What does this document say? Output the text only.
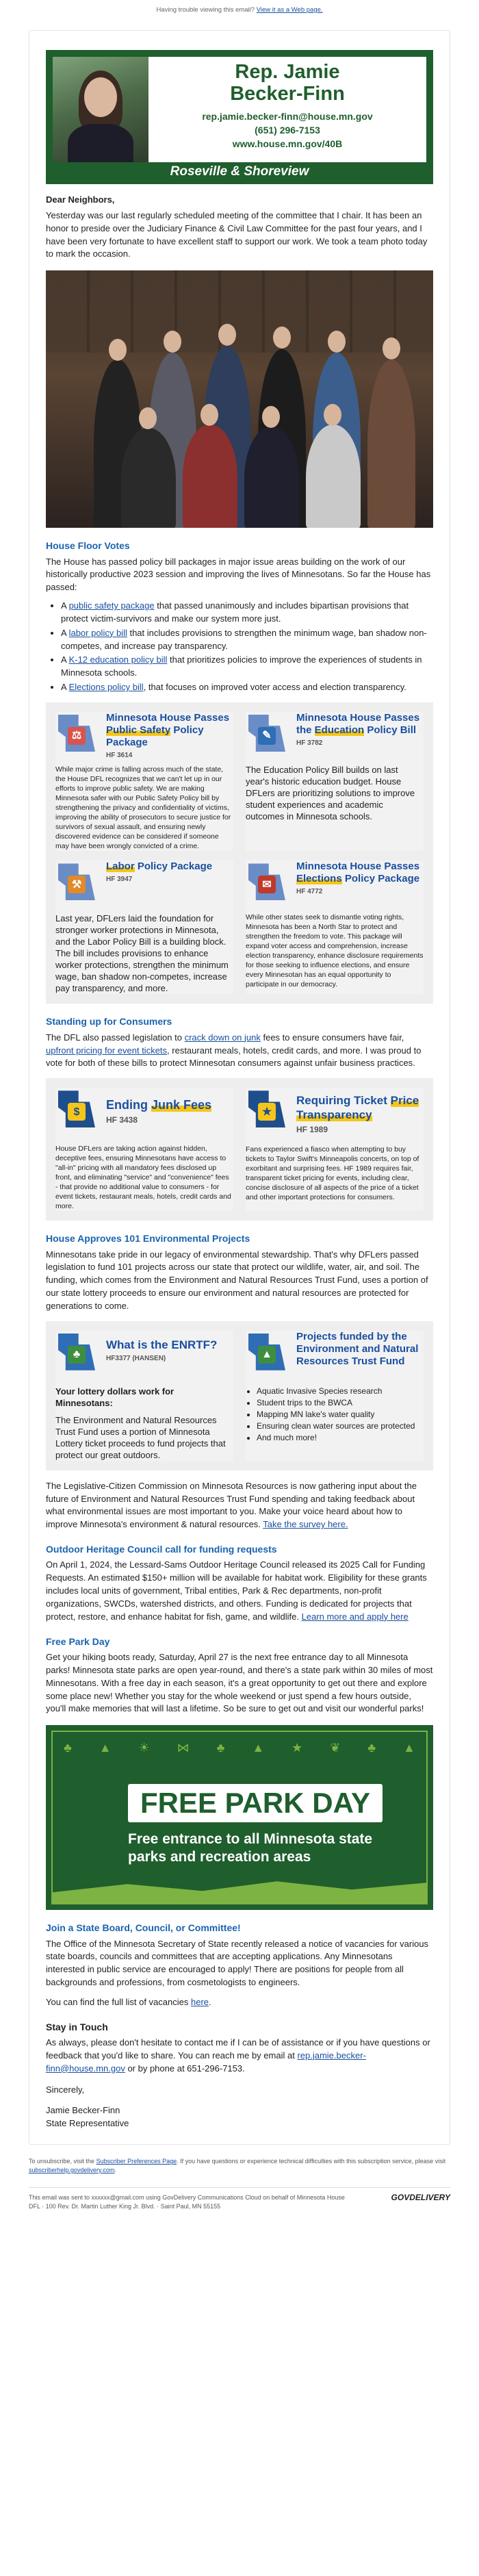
Having trouble viewing this email? View it as a Web page.
Rep. Jamie
Becker-Finn
rep.jamie.becker-finn@house.mn.gov
(651) 296-7153
www.house.mn.gov/40B
Roseville & Shoreview
Dear Neighbors,

Yesterday was our last regularly scheduled meeting of the committee that I chair. It has been an honor to preside over the Judiciary Finance & Civil Law Committee for the past four years, and I have been very fortunate to have excellent staff to support our work. We took a team photo today to mark the occasion.

House Floor Votes

The House has passed policy bill packages in major issue areas building on the work of our historically productive 2023 session and improving the lives of Minnesotans. So far the House has passed:

• A public safety package that passed unanimously and includes bipartisan provisions that protect victim-survivors and make our system more just.
• A labor policy bill that includes provisions to strengthen the minimum wage, ban shadow non-competes, and increase pay transparency.
• A K-12 education policy bill that prioritizes policies to improve the experiences of students in Minnesota schools.
• A Elections policy bill, that focuses on improved voter access and election transparency.
⚖
Minnesota House Passes Public Safety Policy Package
HF 3614
While major crime is falling across much of the state, the House DFL recognizes that we can't let up in our efforts to improve public safety. We are making Minnesota safer with our Public Safety Policy bill by strengthening the privacy and confidentiality of victims, improving the ability of prosecutors to secure justice for survivors of sexual assault, and ensuring newly discovered evidence can be considered if someone may have been wrongly convicted of a crime.
✎
Minnesota House Passes the Education Policy Bill
HF 3782
The Education Policy Bill builds on last year's historic education budget. House DFLers are prioritizing solutions to improve student experiences and academic outcomes in Minnesota schools.
⚒
Labor Policy Package
HF 3947
Last year, DFLers laid the foundation for stronger worker protections in Minnesota, and the Labor Policy Bill is a building block. The bill includes provisions to enhance worker protections, strengthen the minimum wage, ban shadow non-competes, increase pay transparency, and more.
✉
Minnesota House Passes Elections Policy Package
HF 4772
While other states seek to dismantle voting rights, Minnesota has been a North Star to protect and strengthen the freedom to vote. This package will expand voter access and comprehension, increase election transparency, enhance disclosure requirements for those seeking to influence elections, and ensure every Minnesotan has an equal opportunity to participate in our democracy.
Standing up for Consumers

The DFL also passed legislation to crack down on junk fees to ensure consumers have fair, upfront pricing for event tickets, restaurant meals, hotels, credit cards, and more. I was proud to vote for both of these bills to protect Minnesotan consumers against unfair business practices.

$	Ending Junk Fees
HF 3438
House DFLers are taking action against hidden, deceptive fees, ensuring Minnesotans have access to "all-in" pricing with all mandatory fees disclosed up front, and eliminating "service" and "convenience" fees - that provide no additional value to consumers - for event tickets, restaurant meals, hotels, credit cards and more.
★
Requiring Ticket Price Transparency
HF 1989
Fans experienced a fiasco when attempting to buy tickets to Taylor Swift's Minneapolis concerts, on top of exorbitant and surprising fees. HF 1989 requires fair, transparent ticket pricing for events, including clear, concise disclosure of all aspects of the price of a ticket and other important protections for consumers.
House Approves 101 Environmental Projects

Minnesotans take pride in our legacy of environmental stewardship. That's why DFLers passed legislation to fund 101 projects across our state that protect our wildlife, water, air, and soil. The funding, which comes from the Environment and Natural Resources Trust Fund, uses a portion of our state lottery proceeds to ensure our environment and natural resources are protected for generations to come.

♣
What is the ENRTF?
HF3377 (HANSEN)
Your lottery dollars work for Minnesotans:
The Environment and Natural Resources Trust Fund uses a portion of Minnesota Lottery ticket proceeds to fund projects that protect our great outdoors.
▲
Projects funded by the Environment and Natural Resources Trust Fund
• Aquatic Invasive Species research
• Student trips to the BWCA
• Mapping MN lake's water quality
• Ensuring clean water sources are protected
• And much more!

The Legislative-Citizen Commission on Minnesota Resources is now gathering input about the future of Environment and Natural Resources Trust Fund spending and taking feedback about what environmental issues are most important to you. Make your voice heard about how to improve Minnesota's environment & natural resources. Take the survey here.

Outdoor Heritage Council call for funding requests

On April 1, 2024, the Lessard-Sams Outdoor Heritage Council released its 2025 Call for Funding Requests. An estimated $150+ million will be available for habitat work. Eligibility for these grants includes local units of government, Tribal entities, Park & Rec departments, non-profit organizations, SWCDs, watershed districts, and others. Funding is dedicated for projects that protect, restore, and enhance habitat for fish, game, and wildlife. Learn more and apply here

Free Park Day

Get your hiking boots ready, Saturday, April 27 is the next free entrance day to all Minnesota parks! Minnesota state parks are open year-round, and there's a state park within 30 miles of most Minnesotans. With a free day in each season, it's a great opportunity to get out there and explore some place new! Whether you stay for the whole weekend or just spend a few hours outside, you'll make memories that will last a lifetime. So be sure to get out and visit our wonderful parks!

♣ ▲ ☀ ⋈ ♣ ▲ ★ ❦ ♣ ▲
FREE PARK DAY
Free entrance to all Minnesota state parks and recreation areas
Join a State Board, Council, or Committee!

The Office of the Minnesota Secretary of State recently released a notice of vacancies for various state boards, councils and committees that are accepting applications. Any Minnesotans interested in public service are encouraged to apply! There are positions for people from all backgrounds and professions, from cosmetologists to engineers.

You can find the full list of vacancies here.

Stay in Touch

As always, please don't hesitate to contact me if I can be of assistance or if you have questions or feedback that you'd like to share. You can reach me by email at rep.jamie.becker-finn@house.mn.gov or by phone at 651-296-7153.

Sincerely,

Jamie Becker-Finn

State Representative

To unsubscribe, visit the Subscriber Preferences Page. If you have questions or experience technical difficulties with this subscription service, please visit subscriberhelp.govdelivery.com.

GOVDELIVERY

This email was sent to xxxxxx@gmail.com using GovDelivery Communications Cloud on behalf of Minnesota House DFL · 100 Rev. Dr. Martin Luther King Jr. Blvd. · Saint Paul, MN 55155
